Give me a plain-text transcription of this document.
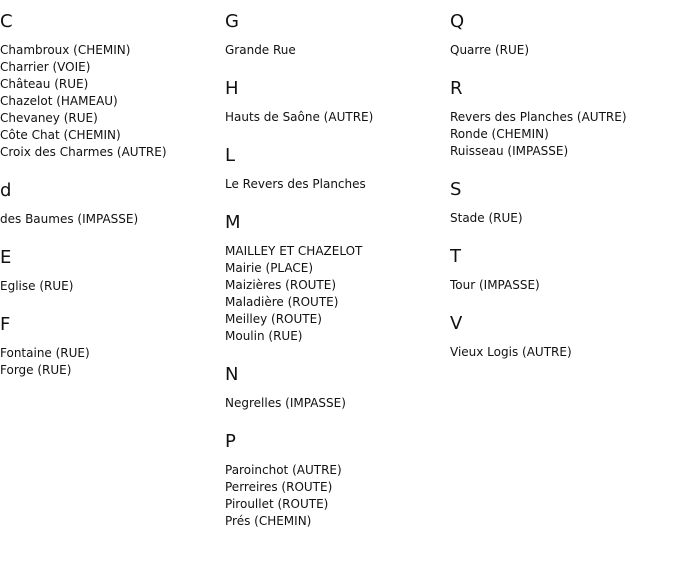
C
Chambroux (CHEMIN)
Charrier (VOIE)
Château (RUE)
Chazelot (HAMEAU)
Chevaney (RUE)
Côte Chat (CHEMIN)
Croix des Charmes (AUTRE)
d
des Baumes (IMPASSE)
E
Eglise (RUE)
F
Fontaine (RUE)
Forge (RUE)
G
Grande Rue
H
Hauts de Saône (AUTRE)
L
Le Revers des Planches
M
MAILLEY ET CHAZELOT
Mairie (PLACE)
Maizières (ROUTE)
Maladière (ROUTE)
Meilley (ROUTE)
Moulin (RUE)
N
Negrelles (IMPASSE)
P
Paroinchot (AUTRE)
Perreires (ROUTE)
Piroullet (ROUTE)
Prés (CHEMIN)
Q
Quarre (RUE)
R
Revers des Planches (AUTRE)
Ronde (CHEMIN)
Ruisseau (IMPASSE)
S
Stade (RUE)
T
Tour (IMPASSE)
V
Vieux Logis (AUTRE)
